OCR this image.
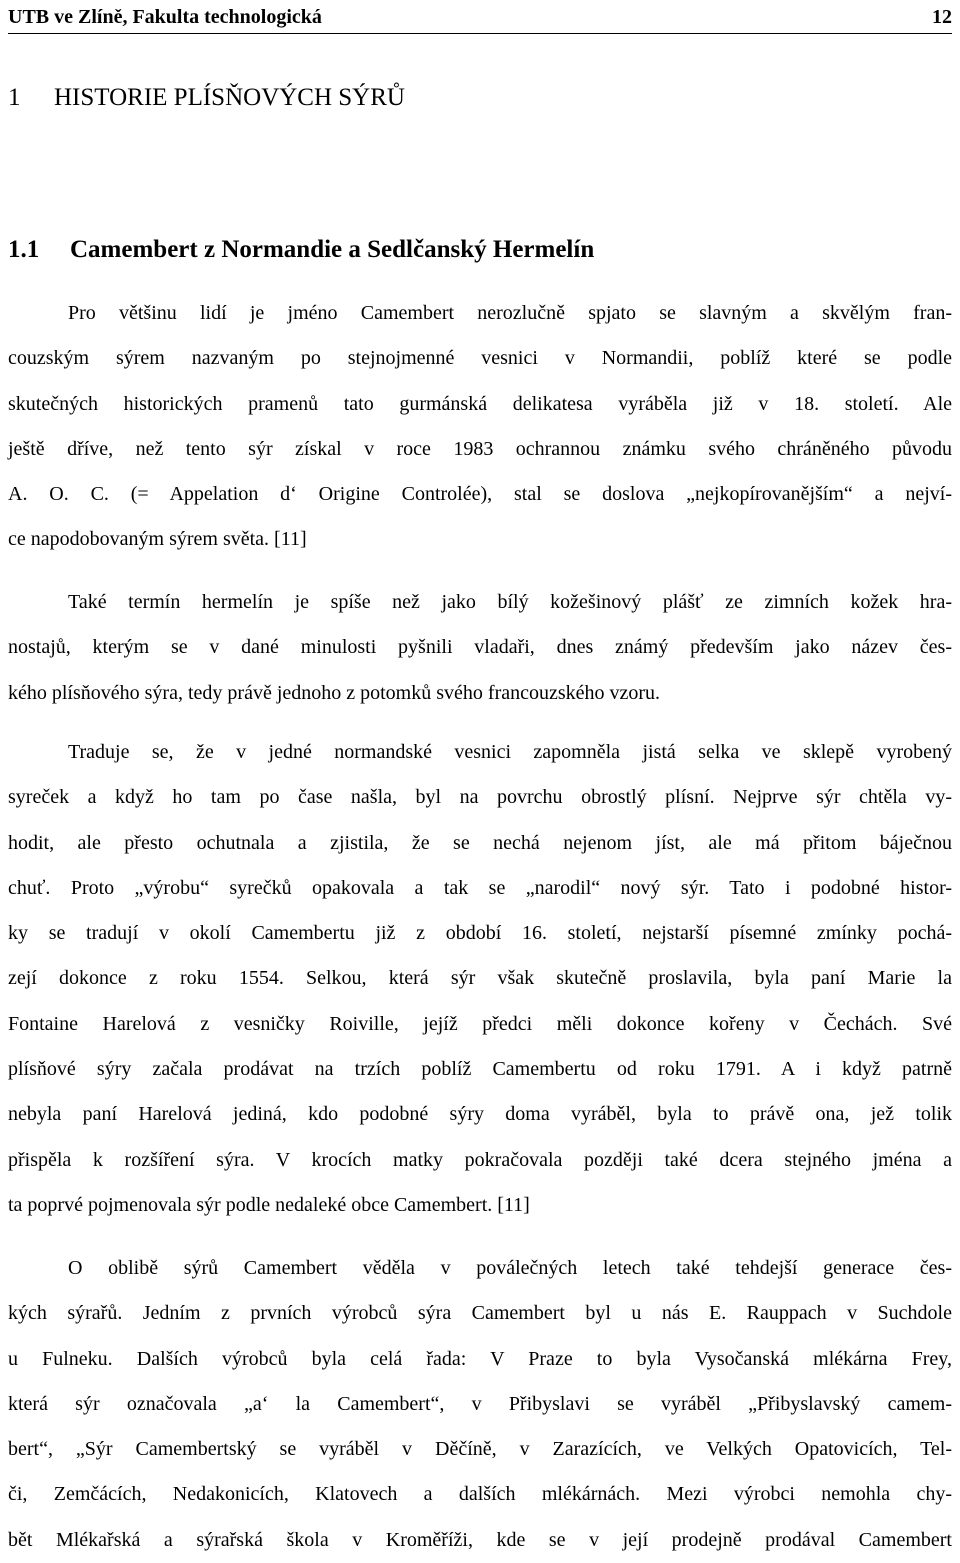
UTB ve Zlíně, Fakulta technologická	12
1 HISTORIE PLÍSŇOVÝCH SÝRŮ
1.1 Camembert z Normandie a Sedlčanský Hermelín
Pro většinu lidí je jméno Camembert nerozlučně spjato se slavným a skvělým fran-
couzským sýrem nazvaným po stejnojmenné vesnici v Normandii, poblíž které se podle
skutečných historických pramenů tato gurmánská delikatesa vyráběla již v 18. století. Ale
ještě dříve, než tento sýr získal v roce 1983 ochrannou známku svého chráněného původu
A. O. C. (= Appelation d‘ Origine Controlée), stal se doslova „nejkopírovanějším“ a nejví-
ce napodobovaným sýrem světa. [11]
Také termín hermelín je spíše než jako bílý kožešinový plášť ze zimních kožek hra-
nostajů, kterým se v dané minulosti pyšnili vladaři, dnes známý především jako název čes-
kého plísňového sýra, tedy právě jednoho z potomků svého francouzského vzoru.
Traduje se, že v jedné normandské vesnici zapomněla jistá selka ve sklepě vyrobený
syreček a když ho tam po čase našla, byl na povrchu obrostlý plísní. Nejprve sýr chtěla vy-
hodit, ale přesto ochutnala a zjistila, že se nechá nejenom jíst, ale má přitom báječnou
chuť. Proto „výrobu“ syrečků opakovala a tak se „narodil“ nový sýr. Tato i podobné histor-
ky se tradují v okolí Camembertu již z období 16. století, nejstarší písemné zmínky pochá-
zejí dokonce z roku 1554. Selkou, která sýr však skutečně proslavila, byla paní Marie la
Fontaine Harelová z vesničky Roiville, jejíž předci měli dokonce kořeny v Čechách. Své
plísňové sýry začala prodávat na trzích poblíž Camembertu od roku 1791. A i když patrně
nebyla paní Harelová jediná, kdo podobné sýry doma vyráběl, byla to právě ona, jež tolik
přispěla k rozšíření sýra. V krocích matky pokračovala později také dcera stejného jména a
ta poprvé pojmenovala sýr podle nedaleké obce Camembert. [11]
O oblibě sýrů Camembert věděla v poválečných letech také tehdejší generace čes-
kých sýrařů. Jedním z prvních výrobců sýra Camembert byl u nás E. Rauppach v Suchdole
u Fulneku. Dalších výrobců byla celá řada: V Praze to byla Vysočanská mlékárna Frey,
která sýr označovala „a‘ la Camembert“, v Přibyslavi se vyráběl „Přibyslavský camem-
bert“, „Sýr Camembertský se vyráběl v Děčíně, v Zarazících, ve Velkých Opatovicích, Tel-
či, Zemčácích, Nedakonicích, Klatovech a dalších mlékárnách. Mezi výrobci nemohla chy-
bět Mlékařská a sýrařská škola v Kroměříži, kde se v její prodejně prodával Camembert
